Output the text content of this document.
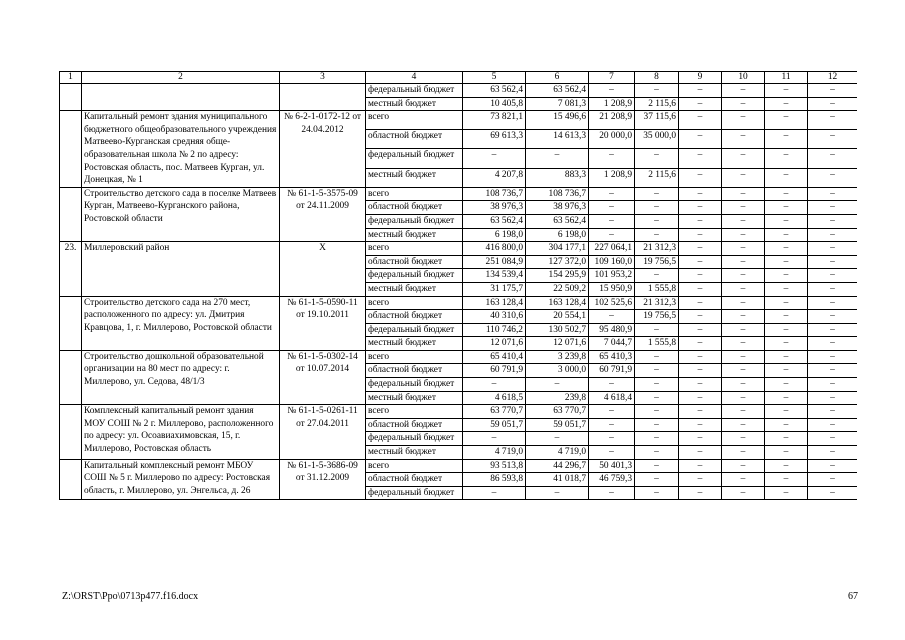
1	2	3	4	5	6	7	8	9	10	11	12
			федеральный бюджет	63 562,4	63 562,4	–	–	–	–	–	–
			местный бюджет	10 405,8	7 081,3	1 208,9	2 115,6	–	–	–	–
	Капитальный ремонт здания муниципального бюджетного общеобразовательного учреждения Матвеево-Курганская средняя обще-образовательная школа № 2 по адресу: Ростовская область, пос. Матвеев Курган, ул. Донецкая, № 1	№ 6-2-1-0172-12 от 24.04.2012	всего	73 821,1	15 496,6	21 208,9	37 115,6	–	–	–	–
			областной бюджет	69 613,3	14 613,3	20 000,0	35 000,0	–	–	–	–
			федеральный бюджет	–	–	–	–	–	–	–	–
			местный бюджет	4 207,8	883,3	1 208,9	2 115,6	–	–	–	–
	Строительство детского сада в поселке Матвеев Курган, Матвеево-Курганского района, Ростовской области	№ 61-1-5-3575-09 от 24.11.2009	всего	108 736,7	108 736,7	–	–	–	–	–	–
			областной бюджет	38 976,3	38 976,3	–	–	–	–	–	–
			федеральный бюджет	63 562,4	63 562,4	–	–	–	–	–	–
			местный бюджет	6 198,0	6 198,0	–	–	–	–	–	–
23.	Миллеровский район	Х	всего	416 800,0	304 177,1	227 064,1	21 312,3	–	–	–	–
			областной бюджет	251 084,9	127 372,0	109 160,0	19 756,5	–	–	–	–
			федеральный бюджет	134 539,4	154 295,9	101 953,2	–	–	–	–	–
			местный бюджет	31 175,7	22 509,2	15 950,9	1 555,8	–	–	–	–
	Строительство детского сада на 270 мест, расположенного по адресу: ул. Дмитрия Кравцова, 1, г. Миллерово, Ростовской области	№ 61-1-5-0590-11 от 19.10.2011	всего	163 128,4	163 128,4	102 525,6	21 312,3	–	–	–	–
			областной бюджет	40 310,6	20 554,1	–	19 756,5	–	–	–	–
			федеральный бюджет	110 746,2	130 502,7	95 480,9	–	–	–	–	–
			местный бюджет	12 071,6	12 071,6	7 044,7	1 555,8	–	–	–	–
	Строительство дошкольной образовательной организации на 80 мест по адресу: г. Миллерово, ул. Седова, 48/1/3	№ 61-1-5-0302-14 от 10.07.2014	всего	65 410,4	3 239,8	65 410,3	–	–	–	–	–
			областной бюджет	60 791,9	3 000,0	60 791,9	–	–	–	–	–
			федеральный бюджет	–	–	–	–	–	–	–	–
			местный бюджет	4 618,5	239,8	4 618,4	–	–	–	–	–
	Комплексный капитальный ремонт здания МОУ СОШ № 2 г. Миллерово, расположенного по адресу: ул. Осоавиахимовская, 15, г. Миллерово, Ростовская область	№ 61-1-5-0261-11 от 27.04.2011	всего	63 770,7	63 770,7	–	–	–	–	–	–
			областной бюджет	59 051,7	59 051,7	–	–	–	–	–	–
			федеральный бюджет	–	–	–	–	–	–	–	–
			местный бюджет	4 719,0	4 719,0	–	–	–	–	–	–
	Капитальный комплексный ремонт МБОУ СОШ № 5 г. Миллерово по адресу: Ростовская область, г. Миллерово, ул. Энгельса, д. 26	№ 61-1-5-3686-09 от 31.12.2009	всего	93 513,8	44 296,7	50 401,3	–	–	–	–	–
			областной бюджет	86 593,8	41 018,7	46 759,3	–	–	–	–	–
			федеральный бюджет	–	–	–	–	–	–	–	–
Z:\ORST\Ppo\0713p477.f16.docx	67
